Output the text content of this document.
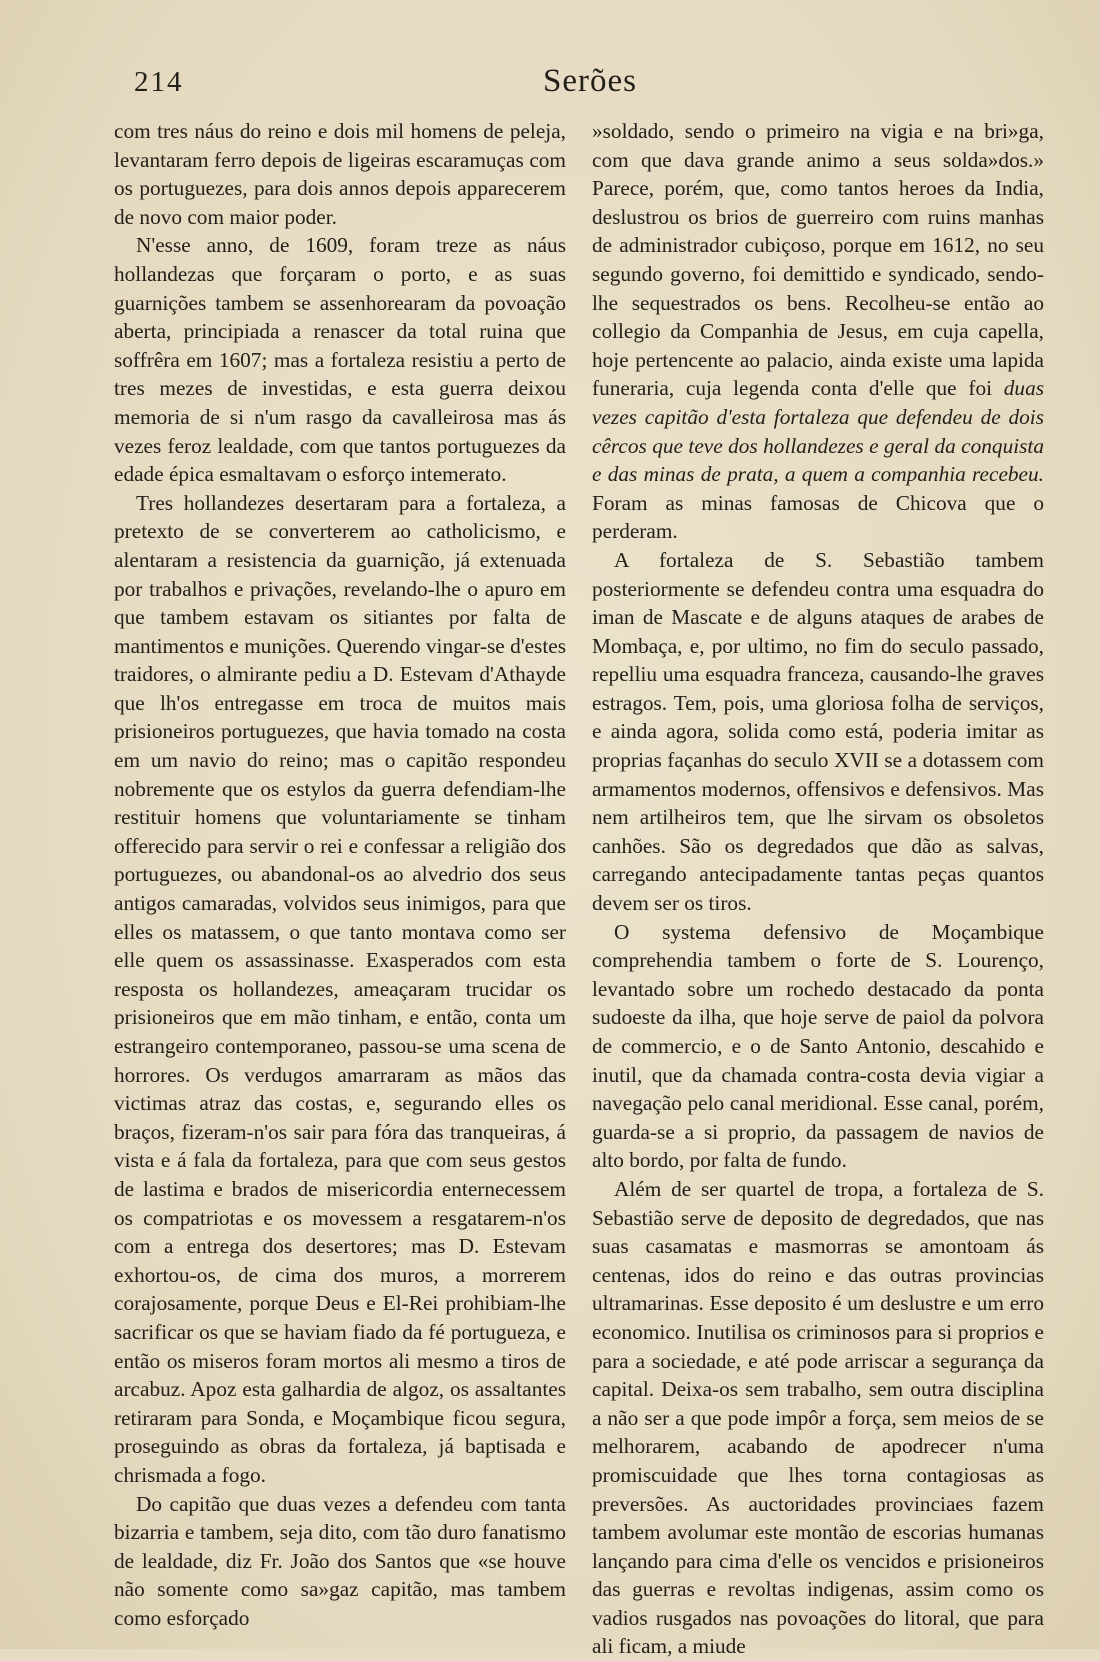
214	Serões

com tres náus do reino e dois mil homens de peleja, levantaram ferro depois de ligeiras escaramuças com os portuguezes, para dois annos depois apparecerem de novo com maior poder.

N'esse anno, de 1609, foram treze as náus hollandezas que forçaram o porto, e as suas guarnições tambem se assenhorearam da povoação aberta, principiada a renascer da total ruina que soffrêra em 1607; mas a fortaleza resistiu a perto de tres mezes de investidas, e esta guerra deixou memoria de si n'um rasgo da cavalleirosa mas ás vezes feroz lealdade, com que tantos portuguezes da edade épica esmaltavam o esforço intemerato.

Tres hollandezes desertaram para a fortaleza, a pretexto de se converterem ao catholicismo, e alentaram a resistencia da guarnição, já extenuada por trabalhos e privações, revelando-lhe o apuro em que tambem estavam os sitiantes por falta de mantimentos e munições. Querendo vingar-se d'estes traidores, o almirante pediu a D. Estevam d'Athayde que lh'os entregasse em troca de muitos mais prisioneiros portuguezes, que havia tomado na costa em um navio do reino; mas o capitão respondeu nobremente que os estylos da guerra defendiam-lhe restituir homens que voluntariamente se tinham offerecido para servir o rei e confessar a religião dos portuguezes, ou abandonal-os ao alvedrio dos seus antigos camaradas, volvidos seus inimigos, para que elles os matassem, o que tanto montava como ser elle quem os assassinasse. Exasperados com esta resposta os hollandezes, ameaçaram trucidar os prisioneiros que em mão tinham, e então, conta um estrangeiro contemporaneo, passou-se uma scena de horrores. Os verdugos amarraram as mãos das victimas atraz das costas, e, segurando elles os braços, fizeram-n'os sair para fóra das tranqueiras, á vista e á fala da fortaleza, para que com seus gestos de lastima e brados de misericordia enternecessem os compatriotas e os movessem a resgatarem-n'os com a entrega dos desertores; mas D. Estevam exhortou-os, de cima dos muros, a morrerem corajosamente, porque Deus e El-Rei prohibiam-lhe sacrificar os que se haviam fiado da fé portugueza, e então os miseros foram mortos ali mesmo a tiros de arcabuz. Apoz esta galhardia de algoz, os assaltantes retiraram para Sonda, e Moçambique ficou segura, proseguindo as obras da fortaleza, já baptisada e chrismada a fogo.

Do capitão que duas vezes a defendeu com tanta bizarria e tambem, seja dito, com tão duro fanatismo de lealdade, diz Fr. João dos Santos que «se houve não somente como sa»gaz capitão, mas tambem como esforçado

»soldado, sendo o primeiro na vigia e na bri»ga, com que dava grande animo a seus solda»dos.» Parece, porém, que, como tantos heroes da India, deslustrou os brios de guerreiro com ruins manhas de administrador cubiçoso, porque em 1612, no seu segundo governo, foi demittido e syndicado, sendo-lhe sequestrados os bens. Recolheu-se então ao collegio da Companhia de Jesus, em cuja capella, hoje pertencente ao palacio, ainda existe uma lapida funeraria, cuja legenda conta d'elle que foi duas vezes capitão d'esta fortaleza que defendeu de dois cêrcos que teve dos hollandezes e geral da conquista e das minas de prata, a quem a companhia recebeu. Foram as minas famosas de Chicova que o perderam.

A fortaleza de S. Sebastião tambem posteriormente se defendeu contra uma esquadra do iman de Mascate e de alguns ataques de arabes de Mombaça, e, por ultimo, no fim do seculo passado, repelliu uma esquadra franceza, causando-lhe graves estragos. Tem, pois, uma gloriosa folha de serviços, e ainda agora, solida como está, poderia imitar as proprias façanhas do seculo XVII se a dotassem com armamentos modernos, offensivos e defensivos. Mas nem artilheiros tem, que lhe sirvam os obsoletos canhões. São os degredados que dão as salvas, carregando antecipadamente tantas peças quantos devem ser os tiros.

O systema defensivo de Moçambique comprehendia tambem o forte de S. Lourenço, levantado sobre um rochedo destacado da ponta sudoeste da ilha, que hoje serve de paiol da polvora de commercio, e o de Santo Antonio, descahido e inutil, que da chamada contra-costa devia vigiar a navegação pelo canal meridional. Esse canal, porém, guarda-se a si proprio, da passagem de navios de alto bordo, por falta de fundo.

Além de ser quartel de tropa, a fortaleza de S. Sebastião serve de deposito de degredados, que nas suas casamatas e masmorras se amontoam ás centenas, idos do reino e das outras provincias ultramarinas. Esse deposito é um deslustre e um erro economico. Inutilisa os criminosos para si proprios e para a sociedade, e até pode arriscar a segurança da capital. Deixa-os sem trabalho, sem outra disciplina a não ser a que pode impôr a força, sem meios de se melhorarem, acabando de apodrecer n'uma promiscuidade que lhes torna contagiosas as preversões. As auctoridades provinciaes fazem tambem avolumar este montão de escorias humanas lançando para cima d'elle os vencidos e prisioneiros das guerras e revoltas indigenas, assim como os vadios rusgados nas povoações do litoral, que para ali ficam, a miude
